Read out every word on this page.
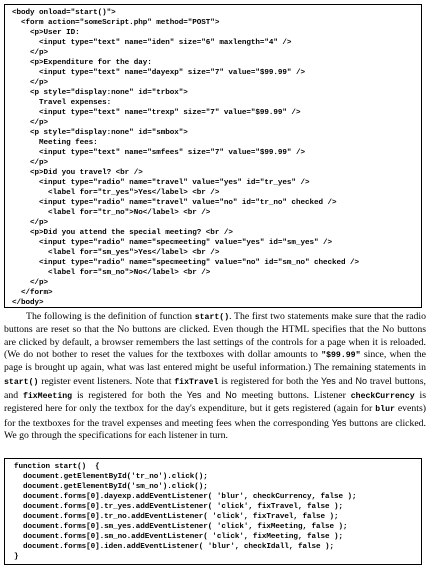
<body onload="start()">
<form action="someScript.php" method="POST">
<p>User ID:
<input type="text" name="iden" size="6" maxlength="4" />
</p>
<p>Expenditure for the day:
<input type="text" name="dayexp" size="7" value="$99.99" />
</p>
<p style="display:none" id="trbox">
Travel expenses:
<input type="text" name="trexp" size="7" value="$99.99" />
</p>
<p style="display:none" id="smbox">
Meeting fees:
<input type="text" name="smfees" size="7" value="$99.99" />
</p>
<p>Did you travel? <br />
<input type="radio" name="travel" value="yes" id="tr_yes" />
<label for="tr_yes">Yes</label> <br />
<input type="radio" name="travel" value="no" id="tr_no" checked />
<label for="tr_no">No</label> <br />
</p>
<p>Did you attend the special meeting? <br />
<input type="radio" name="specmeeting" value="yes" id="sm_yes" />
<label for="sm_yes">Yes</label> <br />
<input type="radio" name="specmeeting" value="no" id="sm_no" checked />
<label for="sm_no">No</label> <br />
</p>
</form>
</body>

The following is the definition of function start(). The first two statements make sure that the radio buttons are reset so that the No buttons are clicked. Even though the HTML specifies that the No buttons are clicked by default, a browser remembers the last settings of the controls for a page when it is reloaded. (We do not bother to reset the values for the textboxes with dollar amounts to "$99.99" since, when the page is brought up again, what was last entered might be useful information.) The remaining statements in start() register event listeners. Note that fixTravel is registered for both the Yes and No travel buttons, and fixMeeting is registered for both the Yes and No meeting buttons. Listener checkCurrency is registered here for only the textbox for the day's expenditure, but it gets registered (again for blur events) for the textboxes for the travel expenses and meeting fees when the corresponding Yes buttons are clicked. We go through the specifications for each listener in turn.

function start()  {
document.getElementById('tr_no').click();
document.getElementById('sm_no').click();
document.forms[0].dayexp.addEventListener( 'blur', checkCurrency, false );
document.forms[0].tr_yes.addEventListener( 'click', fixTravel, false );
document.forms[0].tr_no.addEventListener( 'click', fixTravel, false );
document.forms[0].sm_yes.addEventListener( 'click', fixMeeting, false );
document.forms[0].sm_no.addEventListener( 'click', fixMeeting, false );
document.forms[0].iden.addEventListener( 'blur', checkIdall, false );
}
